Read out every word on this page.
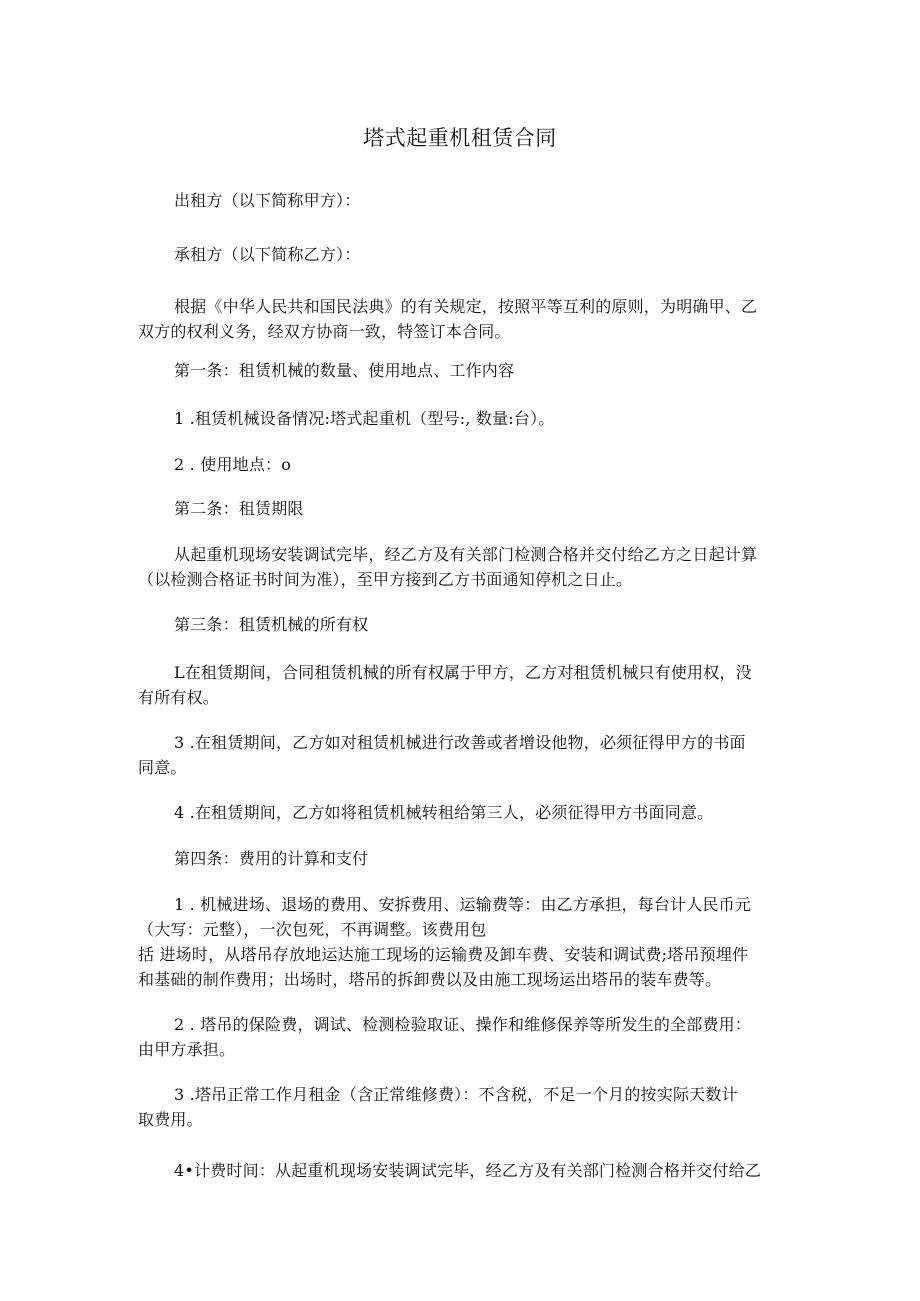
塔式起重机租赁合同
出租方（以下简称甲方）：
承租方（以下简称乙方）：
根据《中华人民共和国民法典》的有关规定，按照平等互利的原则，为明确甲、乙
双方的权利义务，经双方协商一致，特签订本合同。
第一条：租赁机械的数量、使用地点、工作内容
1 .租赁机械设备情况:塔式起重机（型号:, 数量:台）。
2 . 使用地点：o
第二条：租赁期限
从起重机现场安装调试完毕，经乙方及有关部门检测合格并交付给乙方之日起计算
（以检测合格证书时间为准），至甲方接到乙方书面通知停机之日止。
第三条：租赁机械的所有权
L在租赁期间，合同租赁机械的所有权属于甲方，乙方对租赁机械只有使用权，没
有所有权。
3 .在租赁期间，乙方如对租赁机械进行改善或者增设他物，必须征得甲方的书面
同意。
4 .在租赁期间，乙方如将租赁机械转租给第三人，必须征得甲方书面同意。
第四条：费用的计算和支付
1 . 机械进场、退场的费用、安拆费用、运输费等：由乙方承担，每台计人民币元
（大写：元整），一次包死，不再调整。该费用包
括 进场时，从塔吊存放地运达施工现场的运输费及卸车费、安装和调试费;塔吊预埋件
和基础的制作费用；出场时，塔吊的拆卸费以及由施工现场运出塔吊的装车费等。
2 . 塔吊的保险费，调试、检测检验取证、操作和维修保养等所发生的全部费用：
由甲方承担。
3 .塔吊正常工作月租金（含正常维修费）：不含税，不足一个月的按实际天数计
取费用。
4•计费时间：从起重机现场安装调试完毕，经乙方及有关部门检测合格并交付给乙
